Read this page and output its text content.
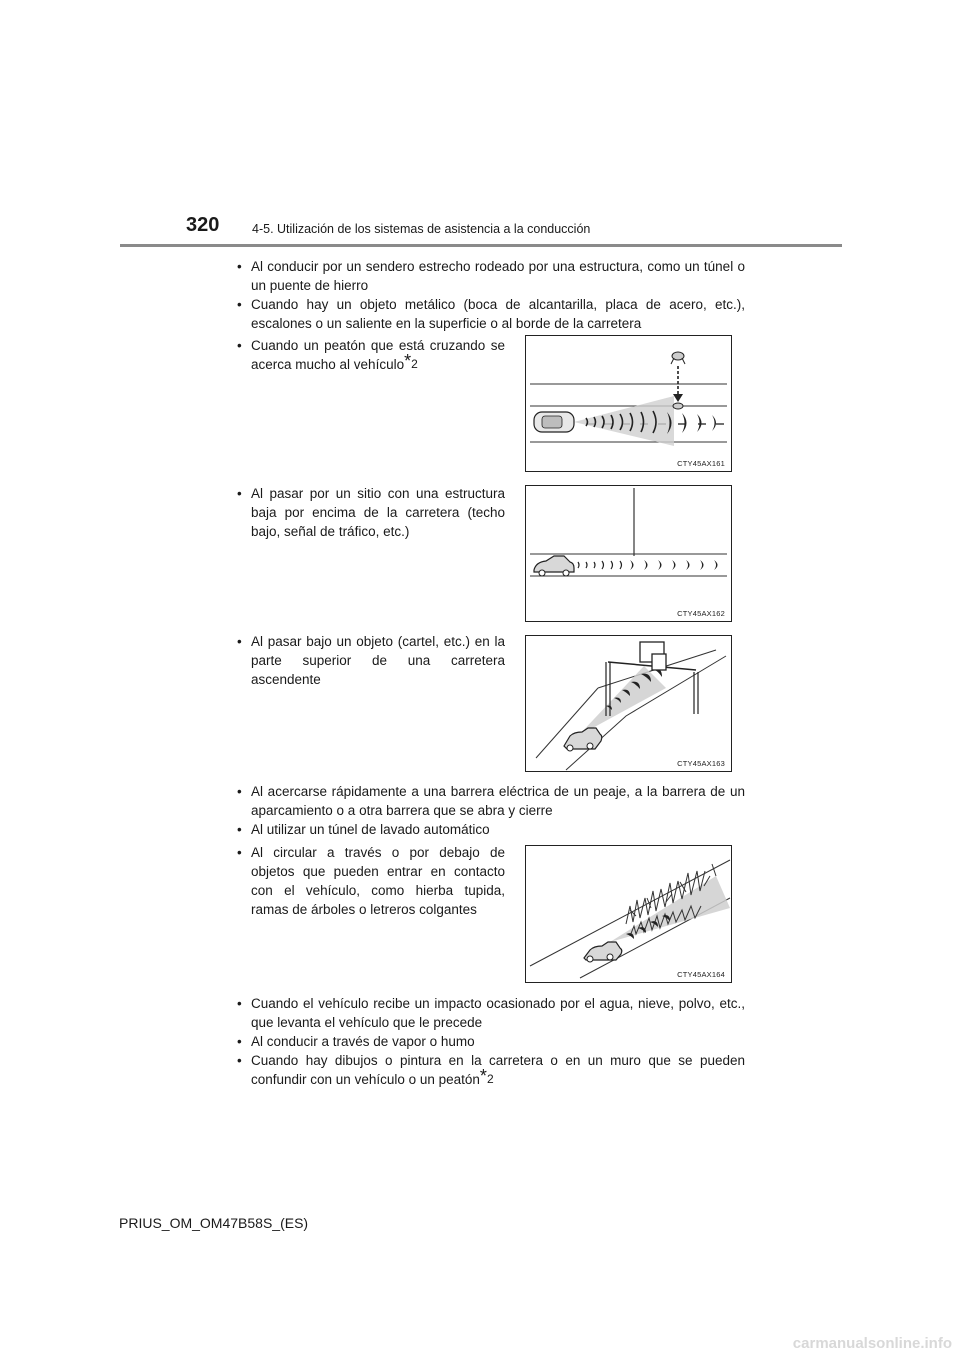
320	4-5. Utilización de los sistemas de asistencia a la conducción
• Al conducir por un sendero estrecho rodeado por una estructura, como un túnel o un puente de hierro
• Cuando hay un objeto metálico (boca de alcantarilla, placa de acero, etc.), escalones o un saliente en la superficie o al borde de la carretera
• Cuando un peatón que está cruzando se acerca mucho al vehículo$^{*2}$
CTY45AX161
• Al pasar por un sitio con una estructura baja por encima de la carretera (techo bajo, señal de tráfico, etc.)
CTY45AX162
• Al pasar bajo un objeto (cartel, etc.) en la parte superior de una carretera ascendente
CTY45AX163
• Al acercarse rápidamente a una barrera eléctrica de un peaje, a la barrera de un aparcamiento o a otra barrera que se abra y cierre
• Al utilizar un túnel de lavado automático
• Al circular a través o por debajo de objetos que pueden entrar en contacto con el vehículo, como hierba tupida, ramas de árboles o letreros colgantes
CTY45AX164
• Cuando el vehículo recibe un impacto ocasionado por el agua, nieve, polvo, etc., que levanta el vehículo que le precede
• Al conducir a través de vapor o humo
• Cuando hay dibujos o pintura en la carretera o en un muro que se pueden confundir con un vehículo o un peatón$^{*2}$
PRIUS_OM_OM47B58S_(ES)
carmanualsonline.info
